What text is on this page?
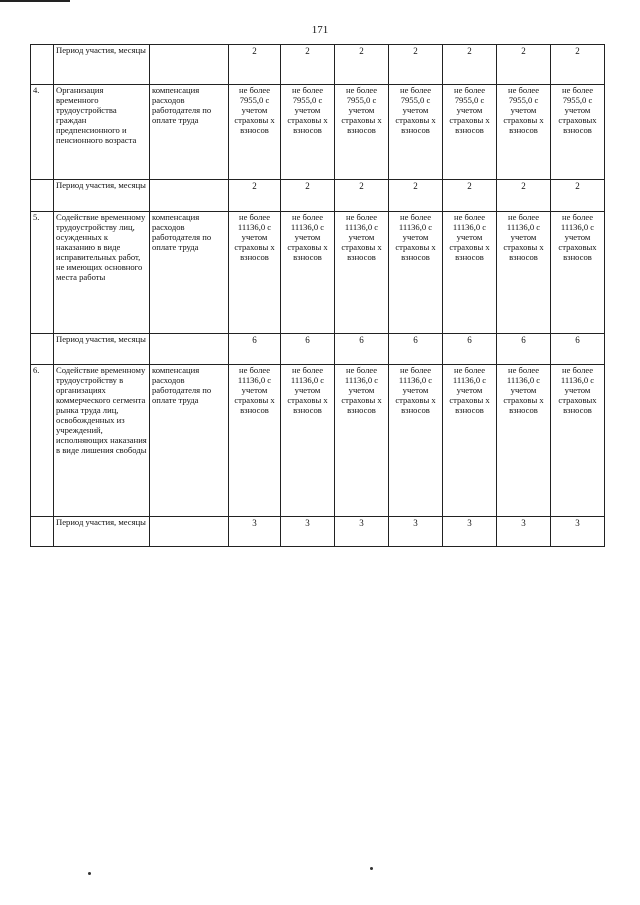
171
	Период участия, месяцы		2	2	2	2	2	2	2
4.	Организация временного трудоустройства граждан предпенсионного и пенсионного возраста	компенсация расходов работодателя по оплате труда	не более 7955,0 с учетом страховы х взносов	не более 7955,0 с учетом страховы х взносов	не более 7955,0 с учетом страховы х взносов	не более 7955,0 с учетом страховы х взносов	не более 7955,0 с учетом страховы х взносов	не более 7955,0 с учетом страховы х взносов	не более 7955,0 с учетом страховых взносов
	Период участия, месяцы		2	2	2	2	2	2	2
5.	Содействие временному трудоустройству лиц, осужденных к наказанию в виде исправительных работ, не имеющих основного места работы	компенсация расходов работодателя по оплате труда	не более 11136,0 с учетом страховы х взносов	не более 11136,0 с учетом страховы х взносов	не более 11136,0 с учетом страховы х взносов	не более 11136,0 с учетом страховы х взносов	не более 11136,0 с учетом страховы х взносов	не более 11136,0 с учетом страховы х взносов	не более 11136,0 с учетом страховых взносов
	Период участия, месяцы		6	6	6	6	6	6	6
6.	Содействие временному трудоустройству в организациях коммерческого сегмента рынка труда лиц, освобожденных из учреждений, исполняющих наказания в виде лишения свободы	компенсация расходов работодателя по оплате труда	не более 11136,0 с учетом страховы х взносов	не более 11136,0 с учетом страховы х взносов	не более 11136,0 с учетом страховы х взносов	не более 11136,0 с учетом страховы х взносов	не более 11136,0 с учетом страховы х взносов	не более 11136,0 с учетом страховы х взносов	не более 11136,0 с учетом страховых взносов
	Период участия, месяцы		3	3	3	3	3	3	3
